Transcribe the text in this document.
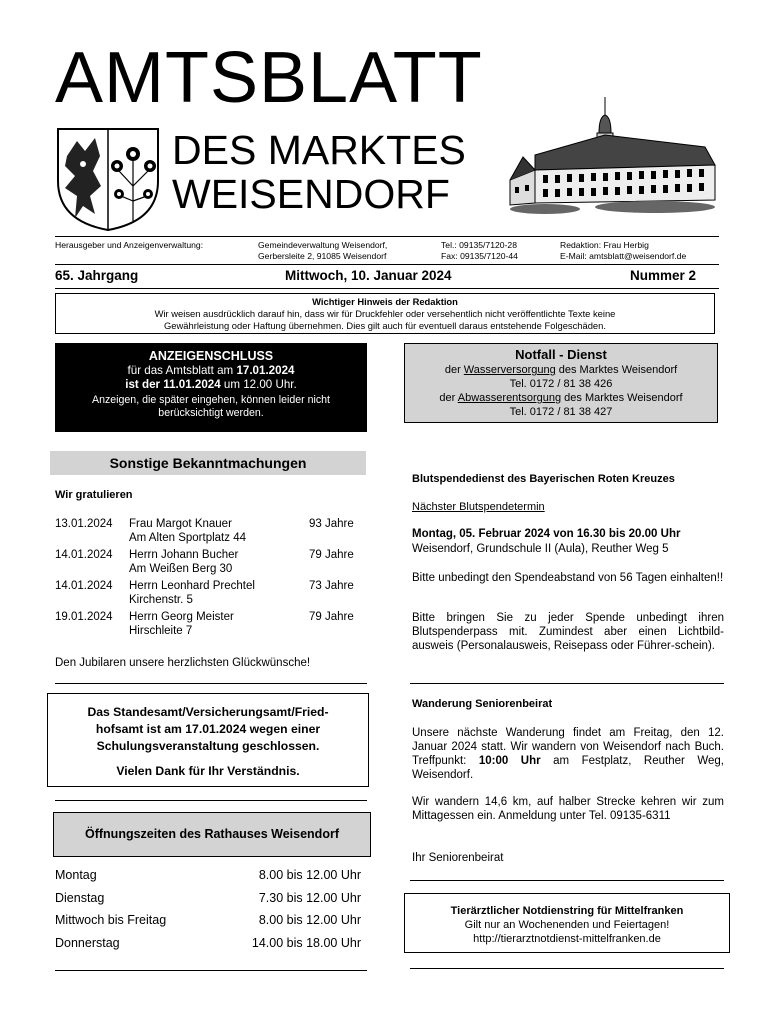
AMTSBLATT
DES MARKTES
WEISENDORF
Herausgeber und Anzeigenverwaltung:	Gemeindeverwaltung Weisendorf,
Gerbersleite 2, 91085 Weisendorf
Tel.: 09135/7120-28
Fax: 09135/7120-44
Redaktion: Frau Herbig
E-Mail: amtsblatt@weisendorf.de
65. Jahrgang	Mittwoch, 10. Januar 2024	Nummer 2
Wichtiger Hinweis der Redaktion
Wir weisen ausdrücklich darauf hin, dass wir für Druckfehler oder versehentlich nicht veröffentlichte Texte keine
Gewährleistung oder Haftung übernehmen. Dies gilt auch für eventuell daraus entstehende Folgeschäden.
ANZEIGENSCHLUSS
für das Amtsblatt am 17.01.2024
ist der 11.01.2024 um 12.00 Uhr.
Anzeigen, die später eingehen, können leider nicht
berücksichtigt werden.
Notfall - Dienst
der Wasserversorgung des Marktes Weisendorf
Tel. 0172 / 81 38 426
der Abwasserentsorgung des Marktes Weisendorf
Tel. 0172 / 81 38 427
Sonstige Bekanntmachungen
Wir gratulieren
13.01.2024	Frau Margot Knauer
Am Alten Sportplatz 44	93 Jahre

14.01.2024	Herrn Johann Bucher
Am Weißen Berg 30	79 Jahre

14.01.2024	Herrn Leonhard Prechtel
Kirchenstr. 5	73 Jahre

19.01.2024	Herrn Georg Meister
Hirschleite 7	79 Jahre
Den Jubilaren unsere herzlichsten Glückwünsche!
Das Standesamt/Versicherungsamt/Fried-
hofsamt ist am 17.01.2024 wegen einer
Schulungsveranstaltung geschlossen.
Vielen Dank für Ihr Verständnis.
Öffnungszeiten des Rathauses Weisendorf
Montag	8.00 bis 12.00 Uhr
Dienstag	7.30 bis 12.00 Uhr
Mittwoch bis Freitag	8.00 bis 12.00 Uhr
Donnerstag	14.00 bis 18.00 Uhr
Blutspendedienst des Bayerischen Roten Kreuzes
Nächster Blutspendetermin
Montag, 05. Februar 2024 von 16.30 bis 20.00 Uhr
Weisendorf, Grundschule II (Aula), Reuther Weg 5
Bitte unbedingt den Spendeabstand von 56 Tagen einhalten!!
Bitte bringen Sie zu jeder Spende unbedingt ihren Blutspenderpass mit. Zumindest aber einen Lichtbild-ausweis (Personalausweis, Reisepass oder Führer-schein).
Wanderung Seniorenbeirat
Unsere nächste Wanderung findet am Freitag, den 12. Januar 2024 statt. Wir wandern von Weisendorf nach Buch. Treffpunkt: 10:00 Uhr am Festplatz, Reuther Weg, Weisendorf.
Wir wandern 14,6 km, auf halber Strecke kehren wir zum Mittagessen ein. Anmeldung unter Tel. 09135-6311
Ihr Seniorenbeirat
Tierärztlicher Notdienstring für Mittelfranken
Gilt nur an Wochenenden und Feiertagen!
http://tierarztnotdienst-mittelfranken.de
